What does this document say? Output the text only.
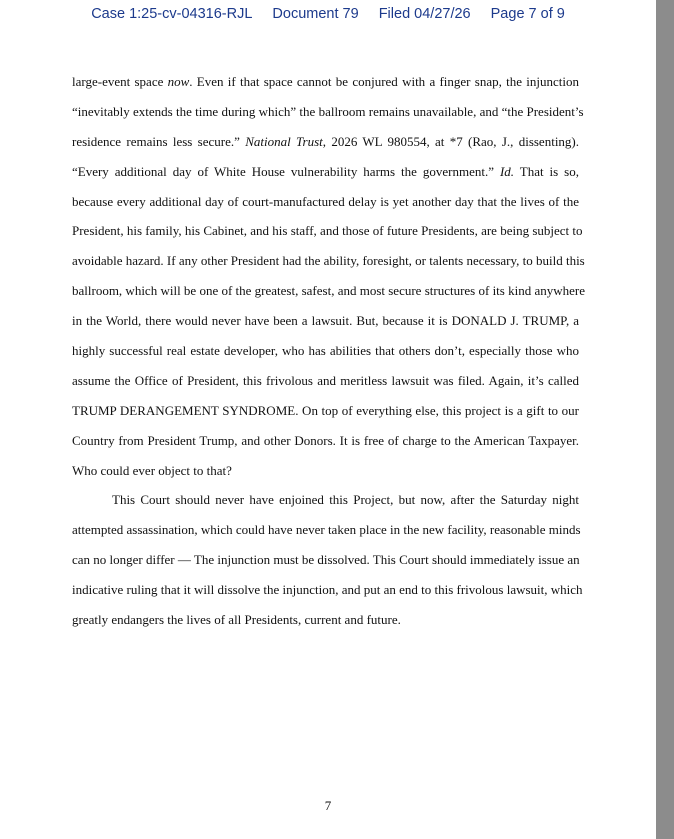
Case 1:25-cv-04316-RJL Document 79 Filed 04/27/26 Page 7 of 9
large-event space now. Even if that space cannot be conjured with a finger snap, the injunction
“inevitably extends the time during which” the ballroom remains unavailable, and “the President’s
residence remains less secure.” National Trust, 2026 WL 980554, at *7 (Rao, J., dissenting).
“Every additional day of White House vulnerability harms the government.” Id. That is so,
because every additional day of court-manufactured delay is yet another day that the lives of the
President, his family, his Cabinet, and his staff, and those of future Presidents, are being subject to
avoidable hazard. If any other President had the ability, foresight, or talents necessary, to build this
ballroom, which will be one of the greatest, safest, and most secure structures of its kind anywhere
in the World, there would never have been a lawsuit. But, because it is DONALD J. TRUMP, a
highly successful real estate developer, who has abilities that others don’t, especially those who
assume the Office of President, this frivolous and meritless lawsuit was filed. Again, it’s called
TRUMP DERANGEMENT SYNDROME. On top of everything else, this project is a gift to our
Country from President Trump, and other Donors. It is free of charge to the American Taxpayer.
Who could ever object to that?
This Court should never have enjoined this Project, but now, after the Saturday night
attempted assassination, which could have never taken place in the new facility, reasonable minds
can no longer differ — The injunction must be dissolved. This Court should immediately issue an
indicative ruling that it will dissolve the injunction, and put an end to this frivolous lawsuit, which
greatly endangers the lives of all Presidents, current and future.
7
